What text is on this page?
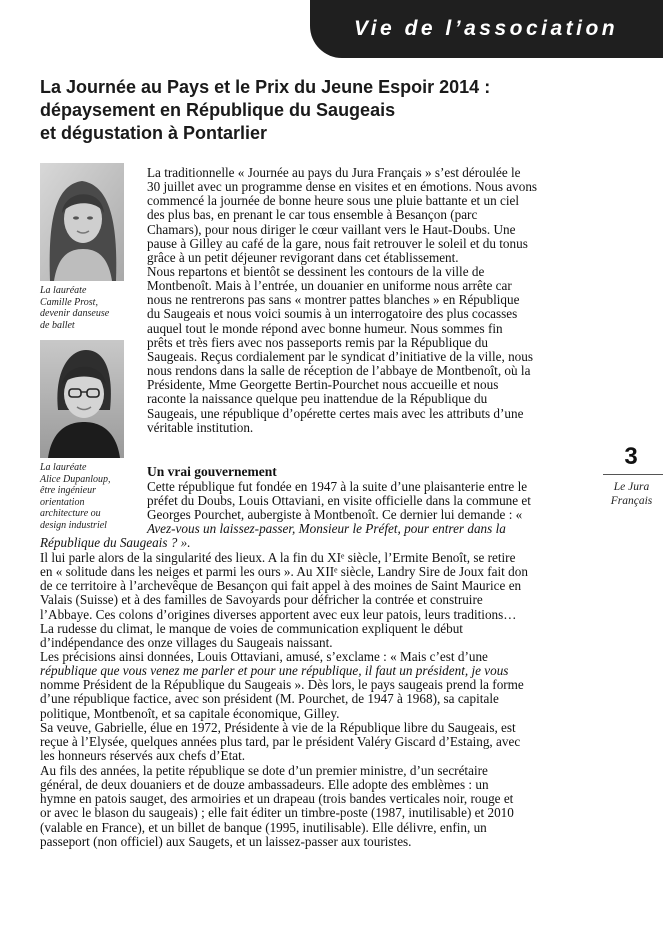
Vie de l’association
La Journée au Pays et le Prix du Jeune Espoir 2014 :
dépaysement en République du Saugeais
et dégustation à Pontarlier
La lauréate
Camille Prost,
devenir danseuse
de ballet
La lauréate
Alice Dupanloup,
être ingénieur
orientation
architecture ou
design industriel

La traditionnelle « Journée au pays du Jura Français » s’est déroulée le
30 juillet avec un programme dense en visites et en émotions. Nous avons
commencé la journée de bonne heure sous une pluie battante et un ciel
des plus bas, en prenant le car tous ensemble à Besançon (parc
Chamars), pour nous diriger le cœur vaillant vers le Haut-Doubs. Une
pause à Gilley au café de la gare, nous fait retrouver le soleil et du tonus
grâce à un petit déjeuner revigorant dans cet établissement.

Nous repartons et bientôt se dessinent les contours de la ville de
Montbenoît. Mais à l’entrée, un douanier en uniforme nous arrête car
nous ne rentrerons pas sans « montrer pattes blanches » en République
du Saugeais et nous voici soumis à un interrogatoire des plus cocasses
auquel tout le monde répond avec bonne humeur. Nous sommes fin
prêts et très fiers avec nos passeports remis par la République du
Saugeais. Reçus cordialement par le syndicat d’initiative de la ville, nous
nous rendons dans la salle de réception de l’abbaye de Montbenoît, où la
Présidente, Mme Georgette Bertin-Pourchet nous accueille et nous
raconte la naissance quelque peu inattendue de la République du
Saugeais, une république d’opérette certes mais avec les attributs d’une
véritable institution.

Un vrai gouvernement

Cette république fut fondée en 1947 à la suite d’une plaisanterie entre le
préfet du Doubs, Louis Ottaviani, en visite officielle dans la commune et
Georges Pourchet, aubergiste à Montbenoît. Ce dernier lui demande : «
Avez-vous un laissez-passer, Monsieur le Préfet, pour entrer dans la

République du Saugeais ? ».

Il lui parle alors de la singularité des lieux. A la fin du XIᵉ siècle, l’Ermite Benoît, se retire
en « solitude dans les neiges et parmi les ours ». Au XIIᵉ siècle, Landry Sire de Joux fait don
de ce territoire à l’archevêque de Besançon qui fait appel à des moines de Saint Maurice en
Valais (Suisse) et à des familles de Savoyards pour défricher la contrée et construire
l’Abbaye. Ces colons d’origines diverses apportent avec eux leur patois, leurs traditions…
La rudesse du climat, le manque de voies de communication expliquent le début
d’indépendance des onze villages du Saugeais naissant.

Les précisions ainsi données, Louis Ottaviani, amusé, s’exclame : « Mais c’est d’une
république que vous venez me parler et pour une république, il faut un président, je vous
nomme Président de la République du Saugeais ». Dès lors, le pays saugeais prend la forme
d’une république factice, avec son président (M. Pourchet, de 1947 à 1968), sa capitale
politique, Montbenoît, et sa capitale économique, Gilley.

Sa veuve, Gabrielle, élue en 1972, Présidente à vie de la République libre du Saugeais, est
reçue à l’Elysée, quelques années plus tard, par le président Valéry Giscard d’Estaing, avec
les honneurs réservés aux chefs d’Etat.

Au fils des années, la petite république se dote d’un premier ministre, d’un secrétaire
général, de deux douaniers et de douze ambassadeurs. Elle adopte des emblèmes : un
hymne en patois sauget, des armoiries et un drapeau (trois bandes verticales noir, rouge et
or avec le blason du saugeais) ; elle fait éditer un timbre-poste (1987, inutilisable) et 2010
(valable en France), et un billet de banque (1995, inutilisable). Elle délivre, enfin, un
passeport (non officiel) aux Saugets, et un laissez-passer aux touristes.

3
Le Jura
Français
